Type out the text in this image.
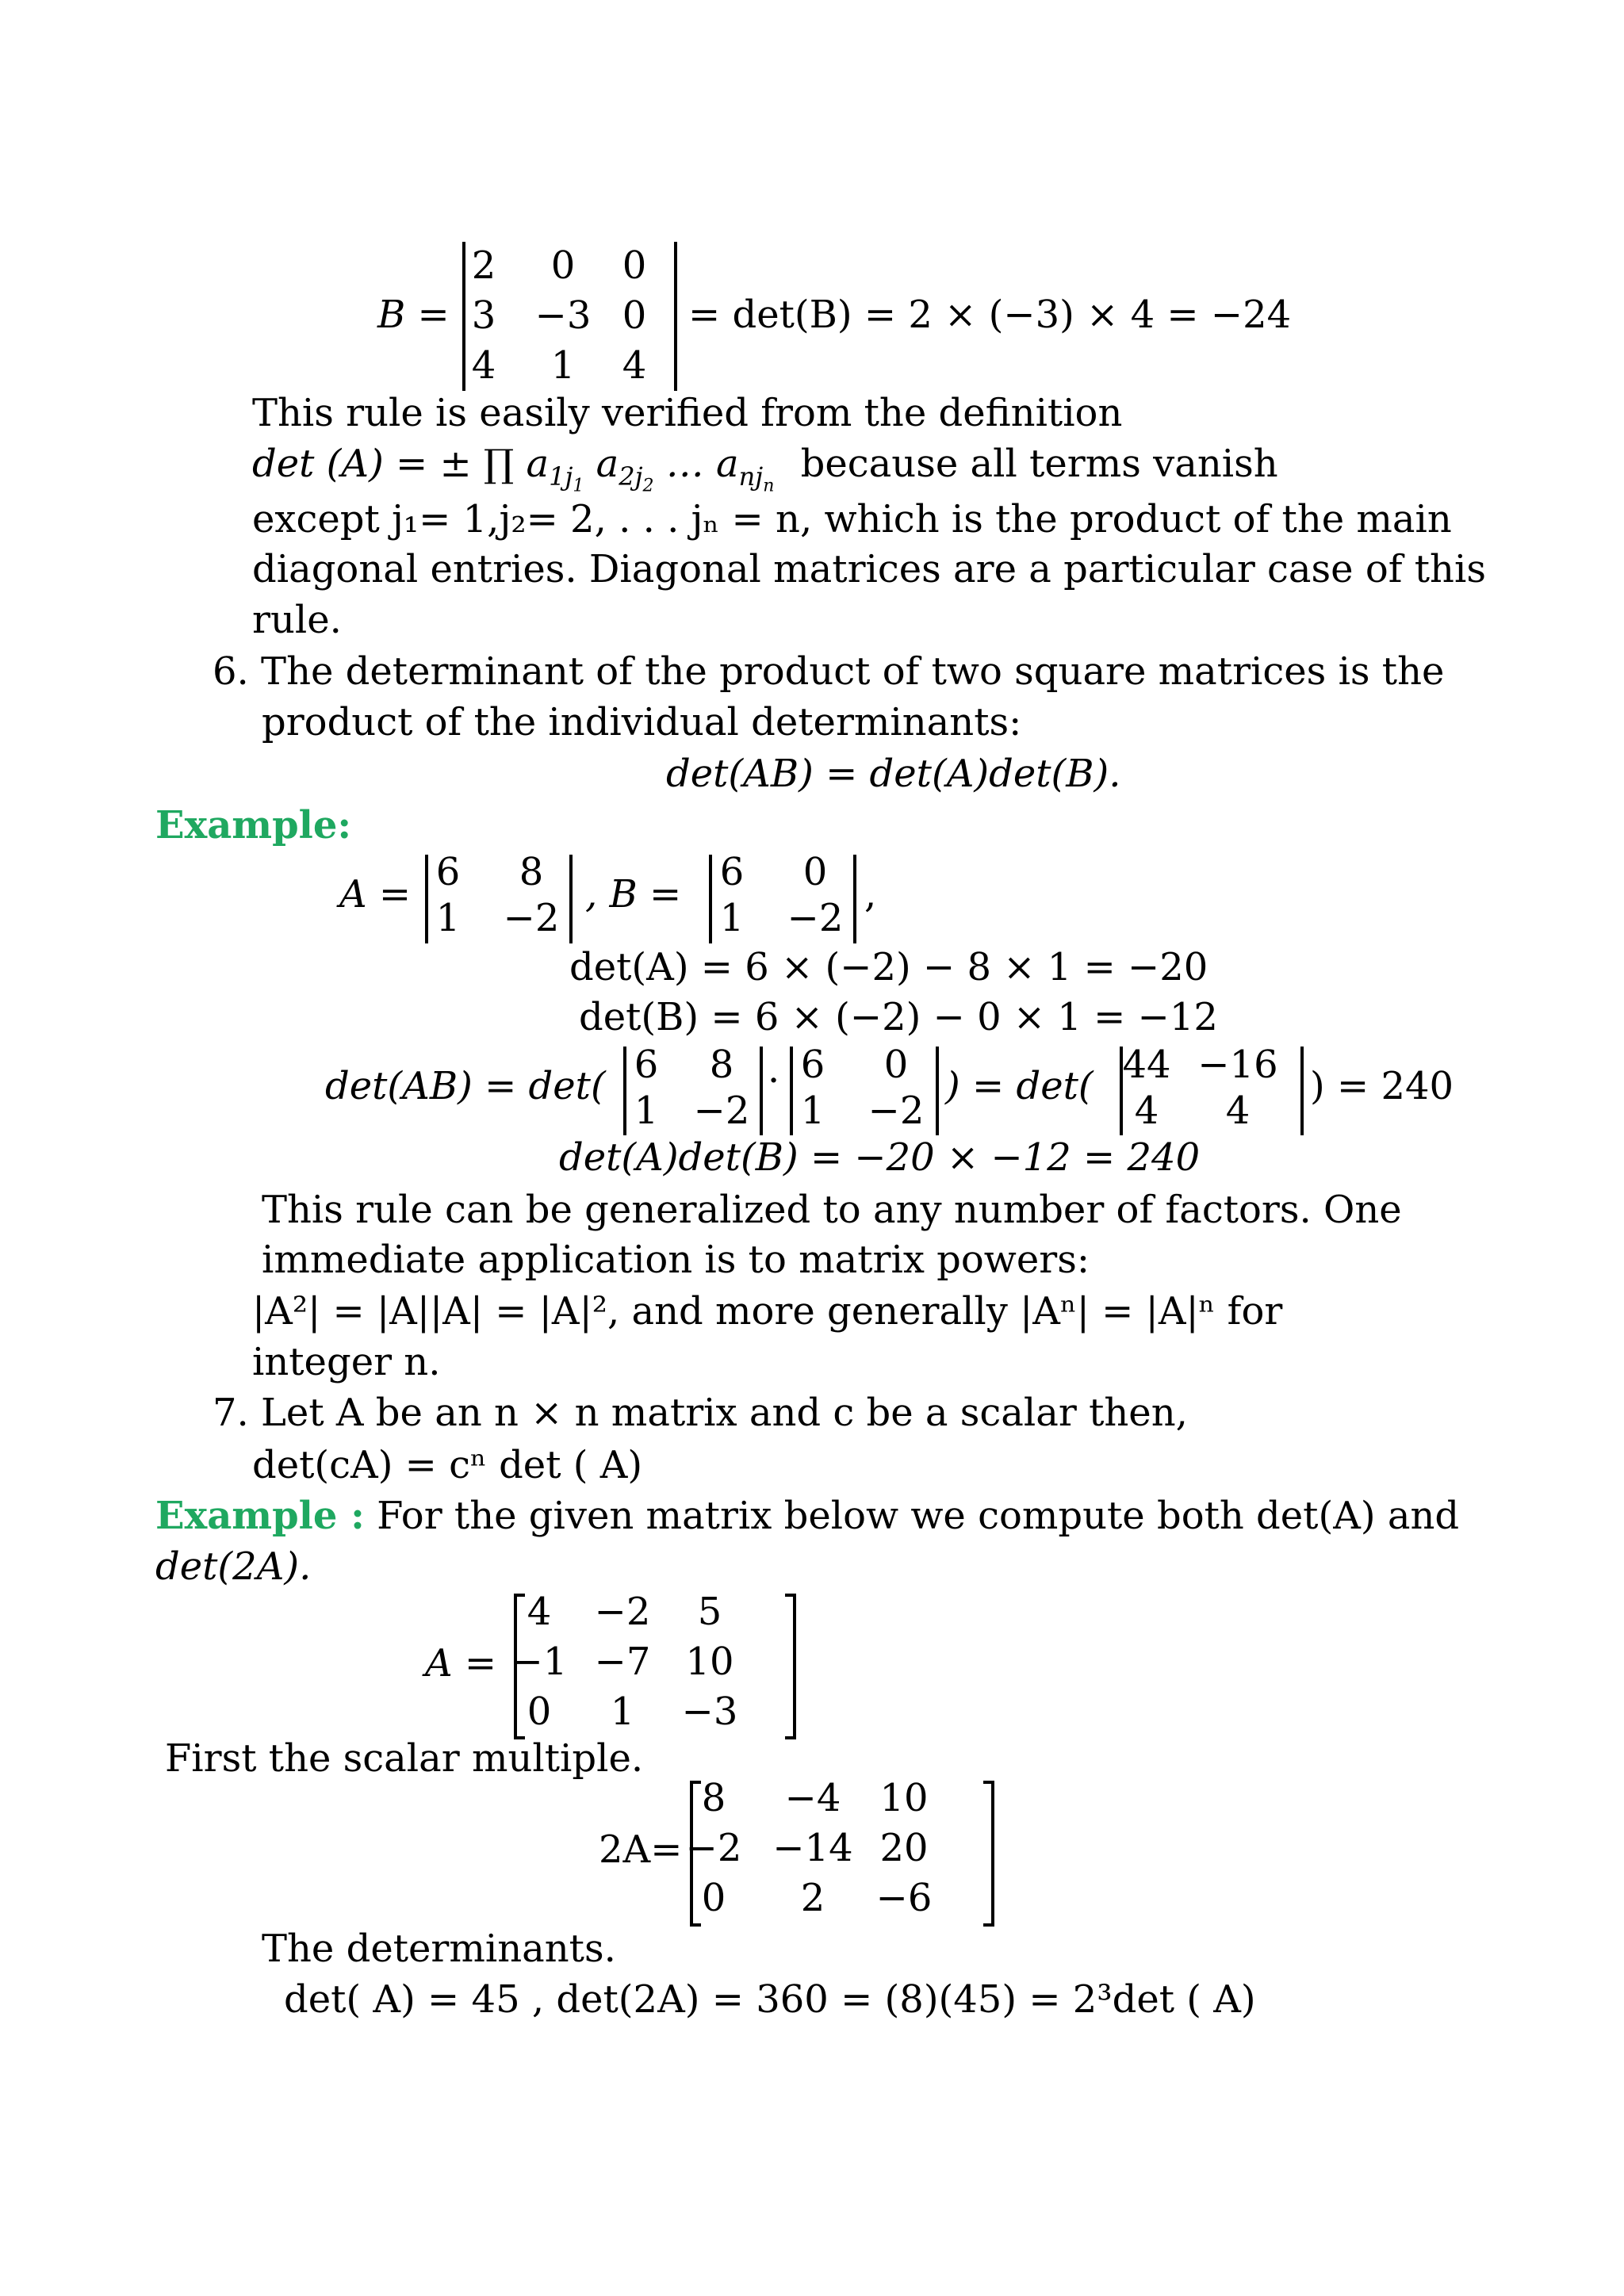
B =
2	0	0
3	−3 0
4	1	4
= det(B) = 2 × (−3) × 4 = −24
This rule is easily verified from the definition
det (A) = ± ∏ $a_{1j_1}$ $a_{2j_2}$ … $a_{nj_n}$ because all terms vanish
except j₁= 1,j₂= 2, . . . jₙ = n, which is the product of the main
diagonal entries. Diagonal matrices are a particular case of this
rule.
6. The determinant of the product of two square matrices is the
product of the individual determinants:
det(AB) = det(A)det(B).
Example:
A = 6	8
1	−2
, B =	6	0
1	−2
,
det(A) = 6 × (−2) − 8 × 1 = −20
det(B) = 6 × (−2) − 0 × 1 = −12
det(AB) = det( 6	8
1 −2
· 6	0
1	−2
) = det( 44 −16
4	4
) = 240
det(A)det(B) = −20 × −12 = 240
This rule can be generalized to any number of factors. One
immediate application is to matrix powers:
|A²| = |A||A| = |A|², and more generally |Aⁿ| = |A|ⁿ for
integer n.
7. Let A be an n × n matrix and c be a scalar then,
det(cA) = cⁿ det ( A)
Example : For the given matrix below we compute both det(A) and
det(2A).
A =
4	−2	5
−1 −7 10
0	1	−3
First the scalar multiple.
2A=
8	−4	10
−2 −14 20
0	2	−6
The determinants.
det( A) = 45 , det(2A) = 360 = (8)(45) = 2³det ( A)
